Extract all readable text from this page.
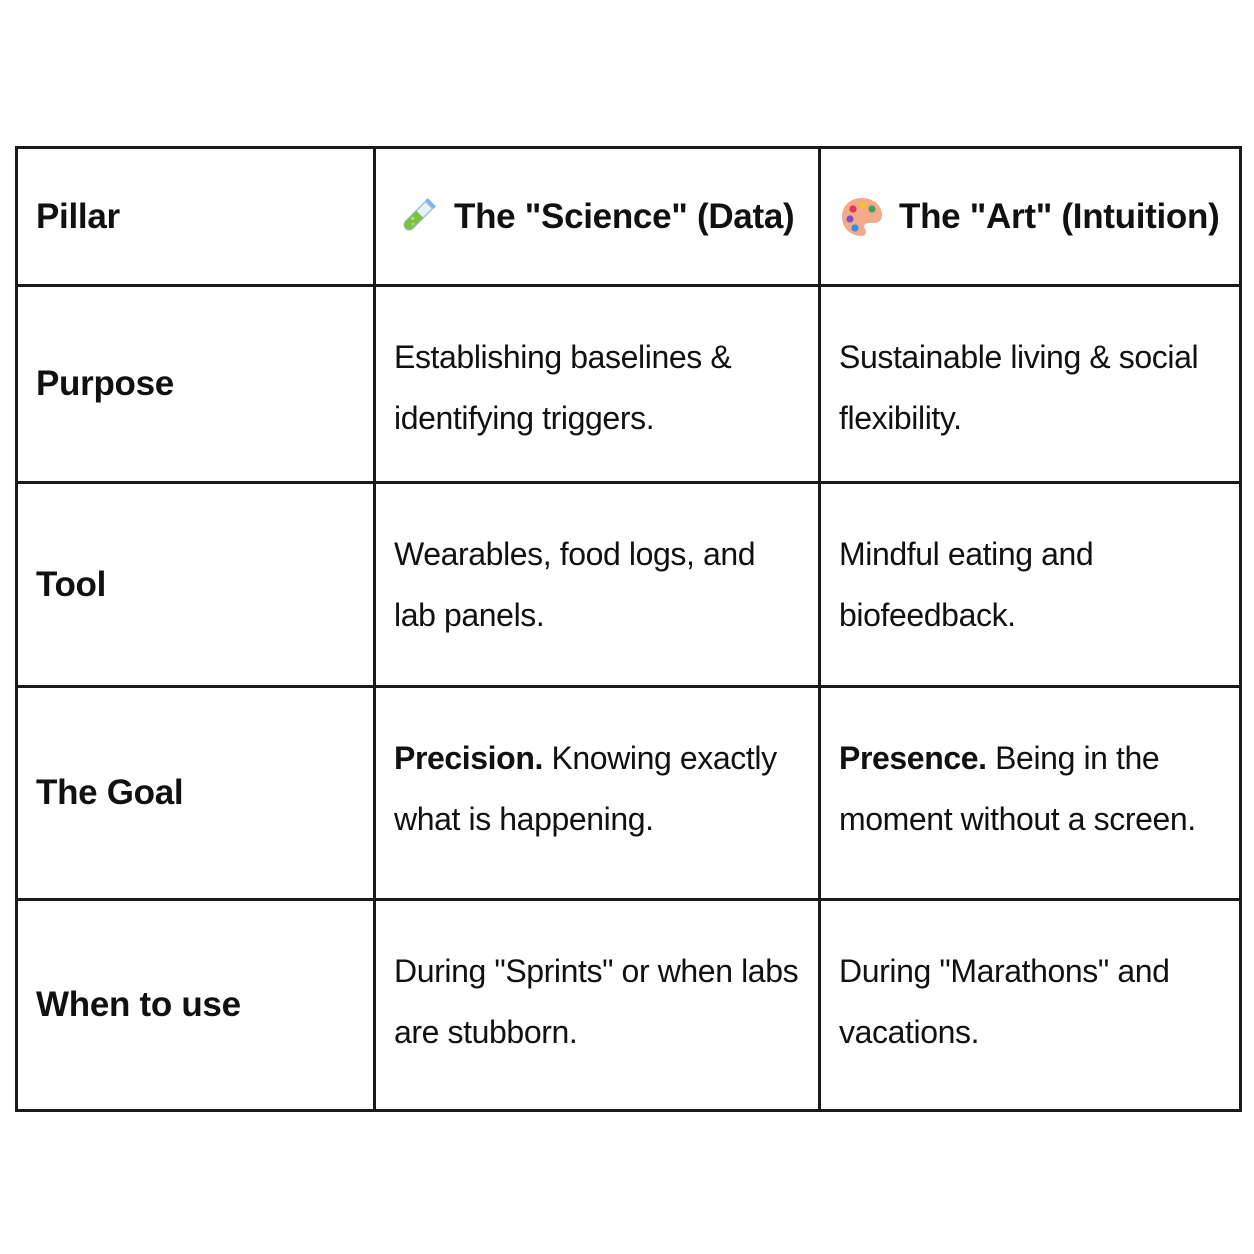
Pillar	The "Science" (Data)	The "Art" (Intuition)

Purpose	Establishing baselines & identifying triggers.	Sustainable living & social flexibility.

Tool	Wearables, food logs, and lab panels.	Mindful eating and biofeedback.

The Goal	Precision. Knowing exactly what is happening.	Presence. Being in the moment without a screen.

When to use	During "Sprints" or when labs are stubborn.	During "Marathons" and vacations.
